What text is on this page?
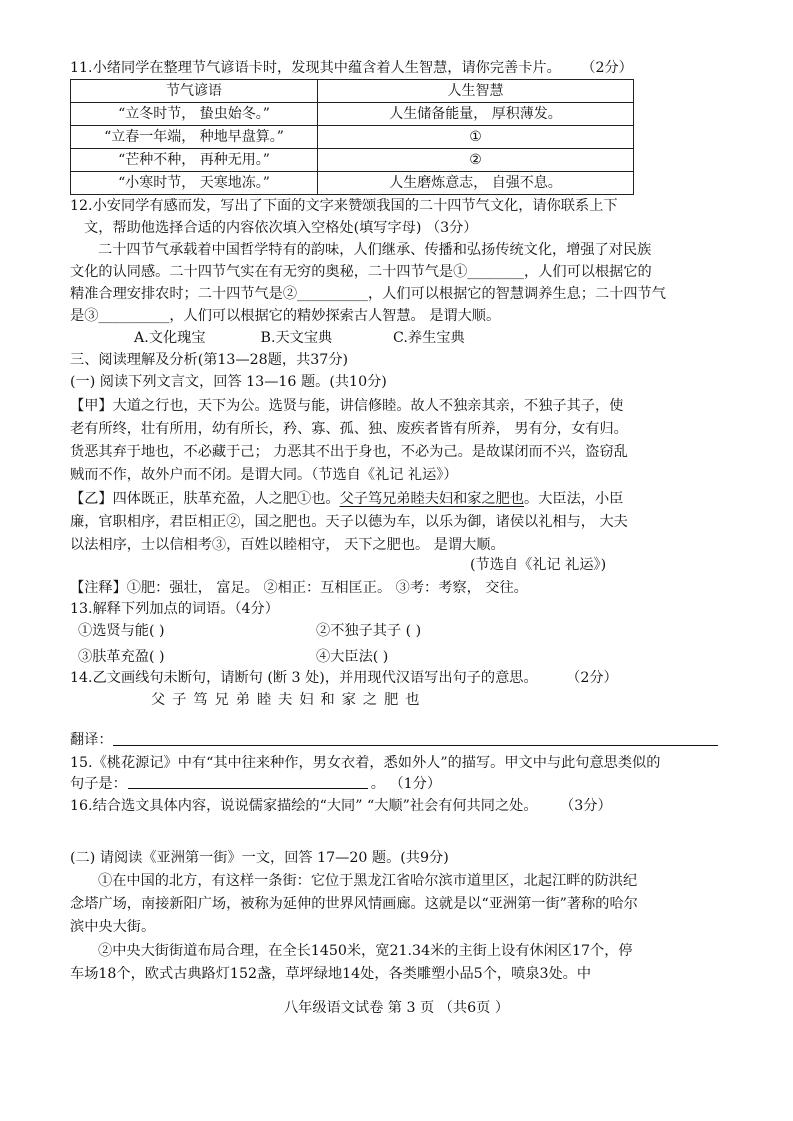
11.小绪同学在整理节气谚语卡时，发现其中蕴含着人生智慧，请你完善卡片。 （2分）
节气谚语	人生智慧
“立冬时节， 蛰虫始冬。”	人生储备能量， 厚积薄发。
“立春一年端， 种地早盘算。”	①
“芒种不种， 再种无用。”	②
“小寒时节， 天寒地冻。”	人生磨炼意志， 自强不息。
12.小安同学有感而发，写出了下面的文字来赞颂我国的二十四节气文化，请你联系上下
文，帮助他选择合适的内容依次填入空格处(填写字母) （3分）
二十四节气承载着中国哲学特有的韵味，人们继承、传播和弘扬传统文化，增强了对民族
文化的认同感。二十四节气实在有无穷的奥秘，二十四节气是①________，人们可以根据它的
精准合理安排农时；二十四节气是②__________，人们可以根据它的智慧调养生息；二十四节气
是③__________，人们可以根据它的精妙探索古人智慧。 是谓大顺。
A.文化瑰宝	B.天文宝典	C.养生宝典
三、阅读理解及分析(第13—28题，共37分)
(一) 阅读下列文言文，回答 13—16 题。(共10分)
【甲】大道之行也，天下为公。选贤与能，讲信修睦。故人不独亲其亲，不独子其子，使
老有所终，壮有所用，幼有所长，矜、寡、孤、独、废疾者皆有所养， 男有分，女有归。
货恶其弃于地也，不必藏于己； 力恶其不出于身也，不必为己。是故谋闭而不兴，盗窃乱
贼而不作，故外户而不闭。是谓大同。（节选自《礼记 礼运》）
【乙】四体既正，肤革充盈，人之肥①也。父子笃兄弟睦夫妇和家之肥也。大臣法，小臣
廉，官职相序，君臣相正②，国之肥也。天子以德为车，以乐为御，诸侯以礼相与， 大夫
以法相序，士以信相考③，百姓以睦相守， 天下之肥也。 是谓大顺。
(节选自《礼记 礼运》)
【注释】①肥：强壮， 富足。 ②相正：互相匡正。 ③考：考察， 交往。
13.解释下列加点的词语。（4分）
①选贤与能( )	②不独子其子 ( )
③肤革充盈( )	④大臣法( )
14.乙文画线句未断句，请断句 (断 3 处)，并用现代汉语写出句子的意思。 （2分）
父子笃兄弟睦夫妇和家之肥也
翻译：
15.《桃花源记》中有“其中往来种作，男女衣着，悉如外人”的描写。甲文中与此句意思类似的
句子是：	。 （1分）
16.结合选文具体内容，说说儒家描绘的“大同” “大顺”社会有何共同之处。 （3分）
(二) 请阅读《亚洲第一街》一文，回答 17—20 题。(共9分)
①在中国的北方，有这样一条街：它位于黑龙江省哈尔滨市道里区，北起江畔的防洪纪
念塔广场，南接新阳广场，被称为延伸的世界风情画廊。这就是以“亚洲第一街”著称的哈尔
滨中央大街。
②中央大街街道布局合理，在全长1450米，宽21.34米的主街上设有休闲区17个，停
车场18个，欧式古典路灯152盏，草坪绿地14处，各类雕塑小品5个，喷泉3处。中
八年级语文试卷 第 3 页 （共6页 ）
